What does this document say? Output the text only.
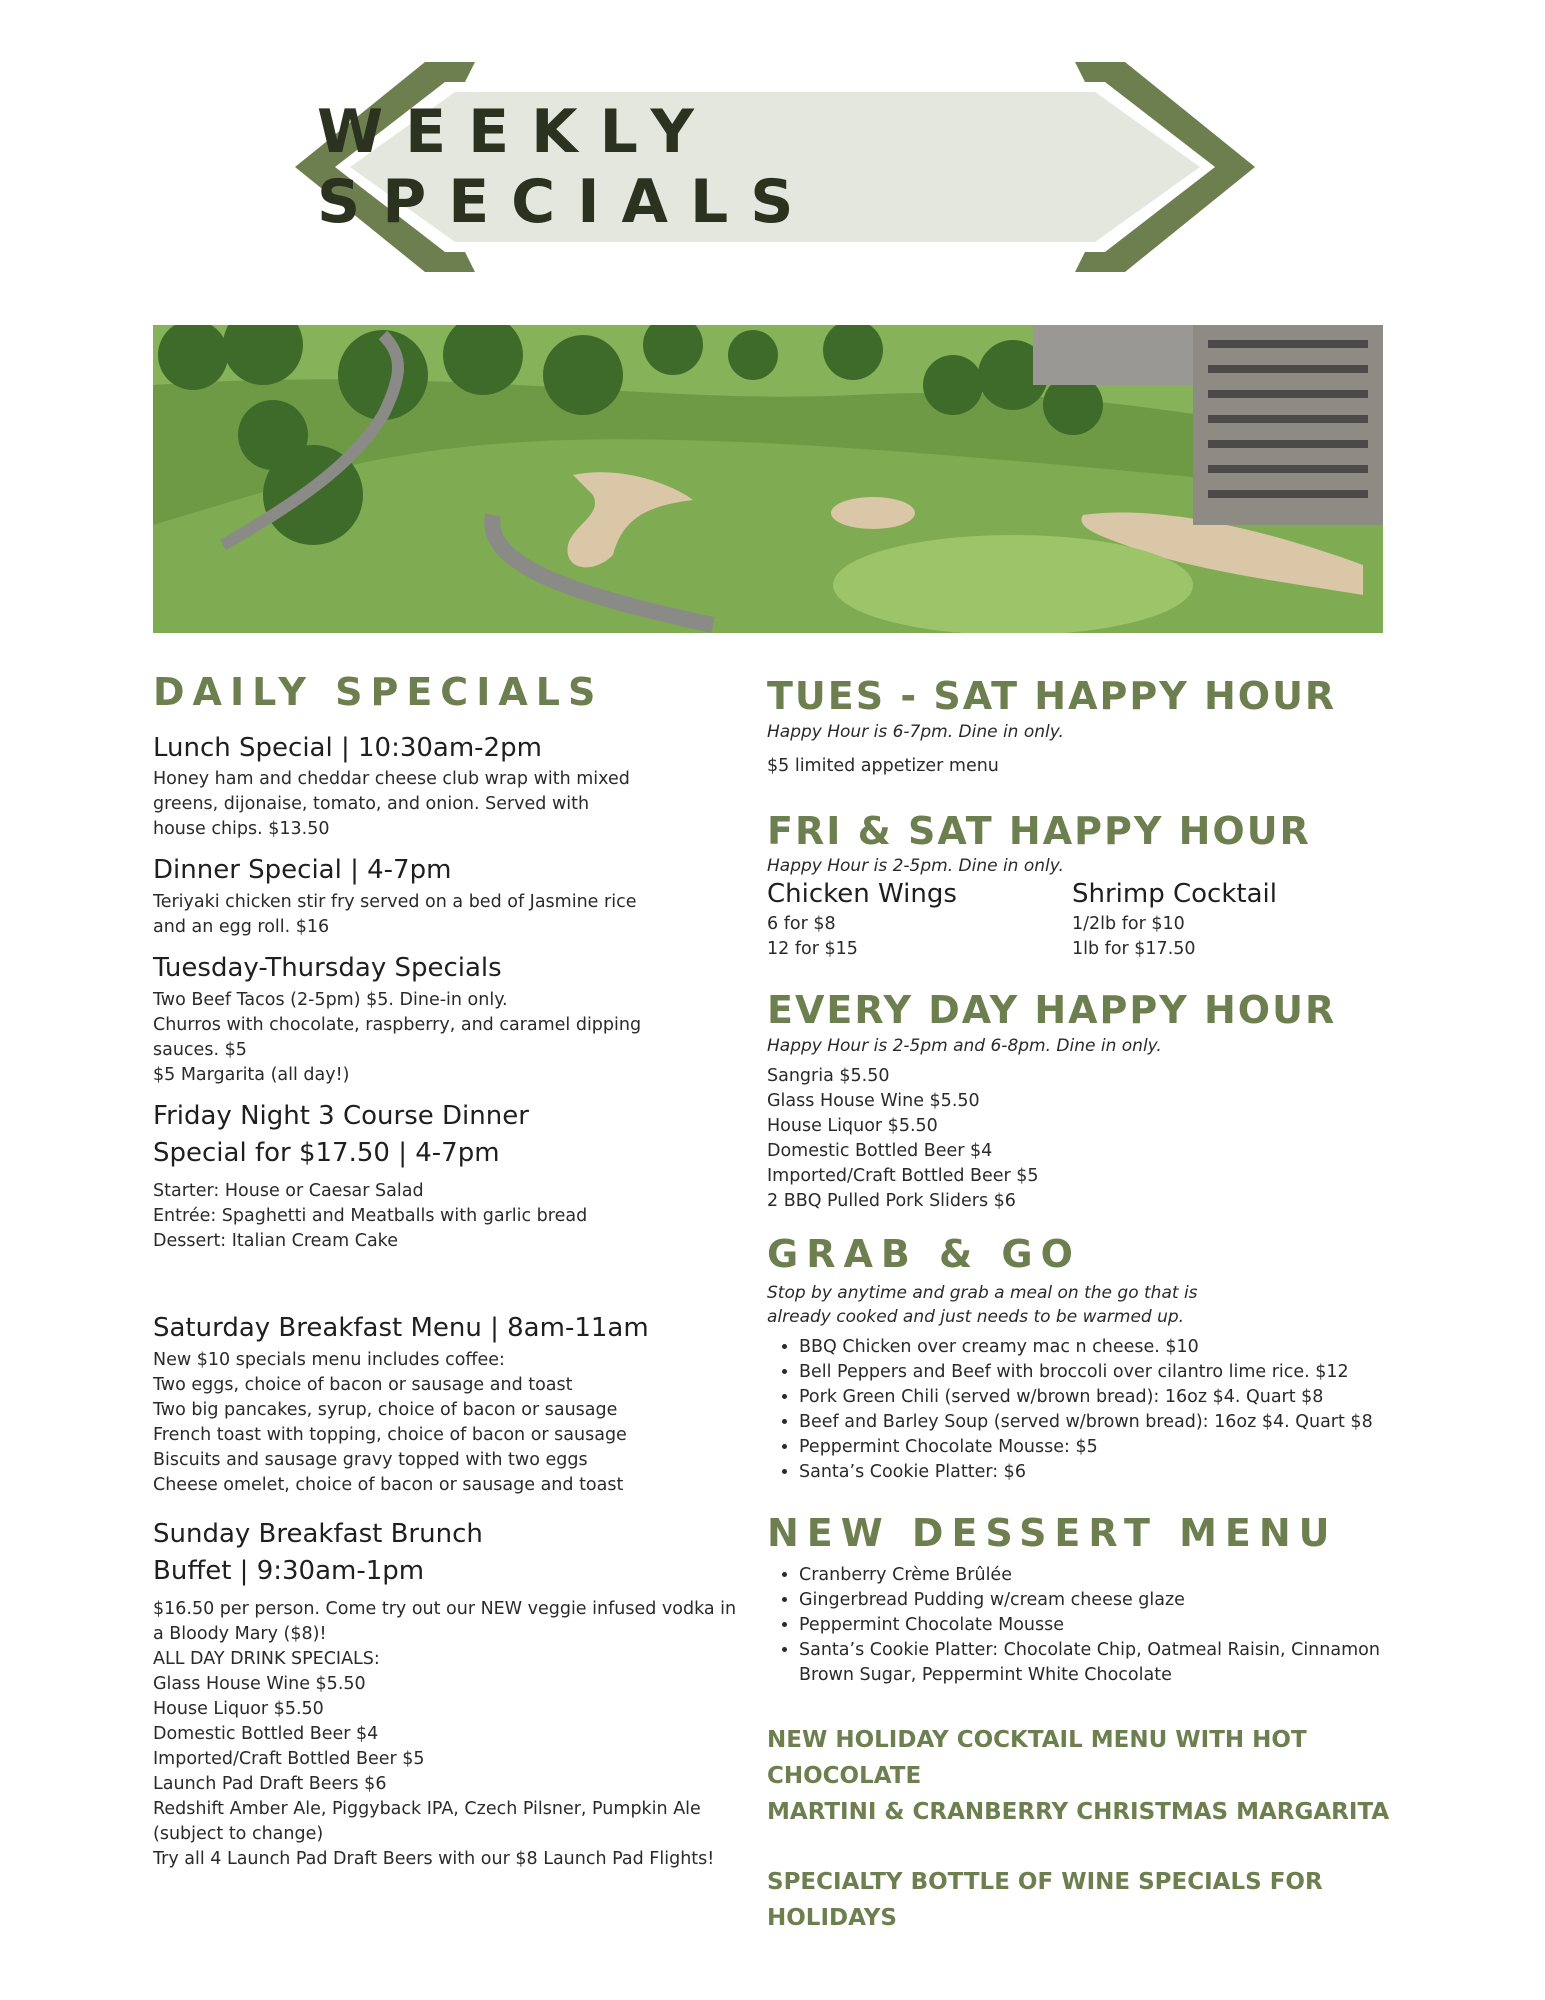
WEEKLY SPECIALS
DAILY SPECIALS

Lunch Special | 10:30am-2pm

Honey ham and cheddar cheese club wrap with mixed

greens, dijonaise, tomato, and onion. Served with

house chips. $13.50

Dinner Special | 4-7pm

Teriyaki chicken stir fry served on a bed of Jasmine rice

and an egg roll. $16

Tuesday-Thursday Specials

Two Beef Tacos (2-5pm) $5. Dine-in only.

Churros with chocolate, raspberry, and caramel dipping

sauces. $5

$5 Margarita (all day!)

Friday Night 3 Course Dinner

Special for $17.50 | 4-7pm

Starter: House or Caesar Salad

Entrée: Spaghetti and Meatballs with garlic bread

Dessert: Italian Cream Cake

Saturday Breakfast Menu | 8am-11am

New $10 specials menu includes coffee:

Two eggs, choice of bacon or sausage and toast

Two big pancakes, syrup, choice of bacon or sausage

French toast with topping, choice of bacon or sausage

Biscuits and sausage gravy topped with two eggs

Cheese omelet, choice of bacon or sausage and toast

Sunday Breakfast Brunch

Buffet | 9:30am-1pm

$16.50 per person. Come try out our NEW veggie infused vodka in

a Bloody Mary ($8)!

ALL DAY DRINK SPECIALS:

Glass House Wine $5.50

House Liquor $5.50

Domestic Bottled Beer $4

Imported/Craft Bottled Beer $5

Launch Pad Draft Beers $6

Redshift Amber Ale, Piggyback IPA, Czech Pilsner, Pumpkin Ale

(subject to change)

Try all 4 Launch Pad Draft Beers with our $8 Launch Pad Flights!

TUES - SAT HAPPY HOUR

Happy Hour is 6-7pm. Dine in only.

$5 limited appetizer menu

FRI & SAT HAPPY HOUR

Happy Hour is 2-5pm. Dine in only.

Chicken Wings

6 for $8

12 for $15

Shrimp Cocktail

1/2lb for $10

1lb for $17.50

EVERY DAY HAPPY HOUR

Happy Hour is 2-5pm and 6-8pm. Dine in only.

Sangria $5.50

Glass House Wine $5.50

House Liquor $5.50

Domestic Bottled Beer $4

Imported/Craft Bottled Beer $5

2 BBQ Pulled Pork Sliders $6

GRAB & GO

Stop by anytime and grab a meal on the go that is

already cooked and just needs to be warmed up.

• BBQ Chicken over creamy mac n cheese. $10
• Bell Peppers and Beef with broccoli over cilantro lime rice. $12
• Pork Green Chili (served w/brown bread): 16oz $4. Quart $8
• Beef and Barley Soup (served w/brown bread): 16oz $4. Quart $8
• Peppermint Chocolate Mousse: $5
• Santa’s Cookie Platter: $6
NEW DESSERT MENU
• Cranberry Crème Brûlée
• Gingerbread Pudding w/cream cheese glaze
• Peppermint Chocolate Mousse
• Santa’s Cookie Platter: Chocolate Chip, Oatmeal Raisin, Cinnamon Brown Sugar, Peppermint White Chocolate

NEW HOLIDAY COCKTAIL MENU WITH HOT CHOCOLATE

MARTINI & CRANBERRY CHRISTMAS MARGARITA

SPECIALTY BOTTLE OF WINE SPECIALS FOR HOLIDAYS
